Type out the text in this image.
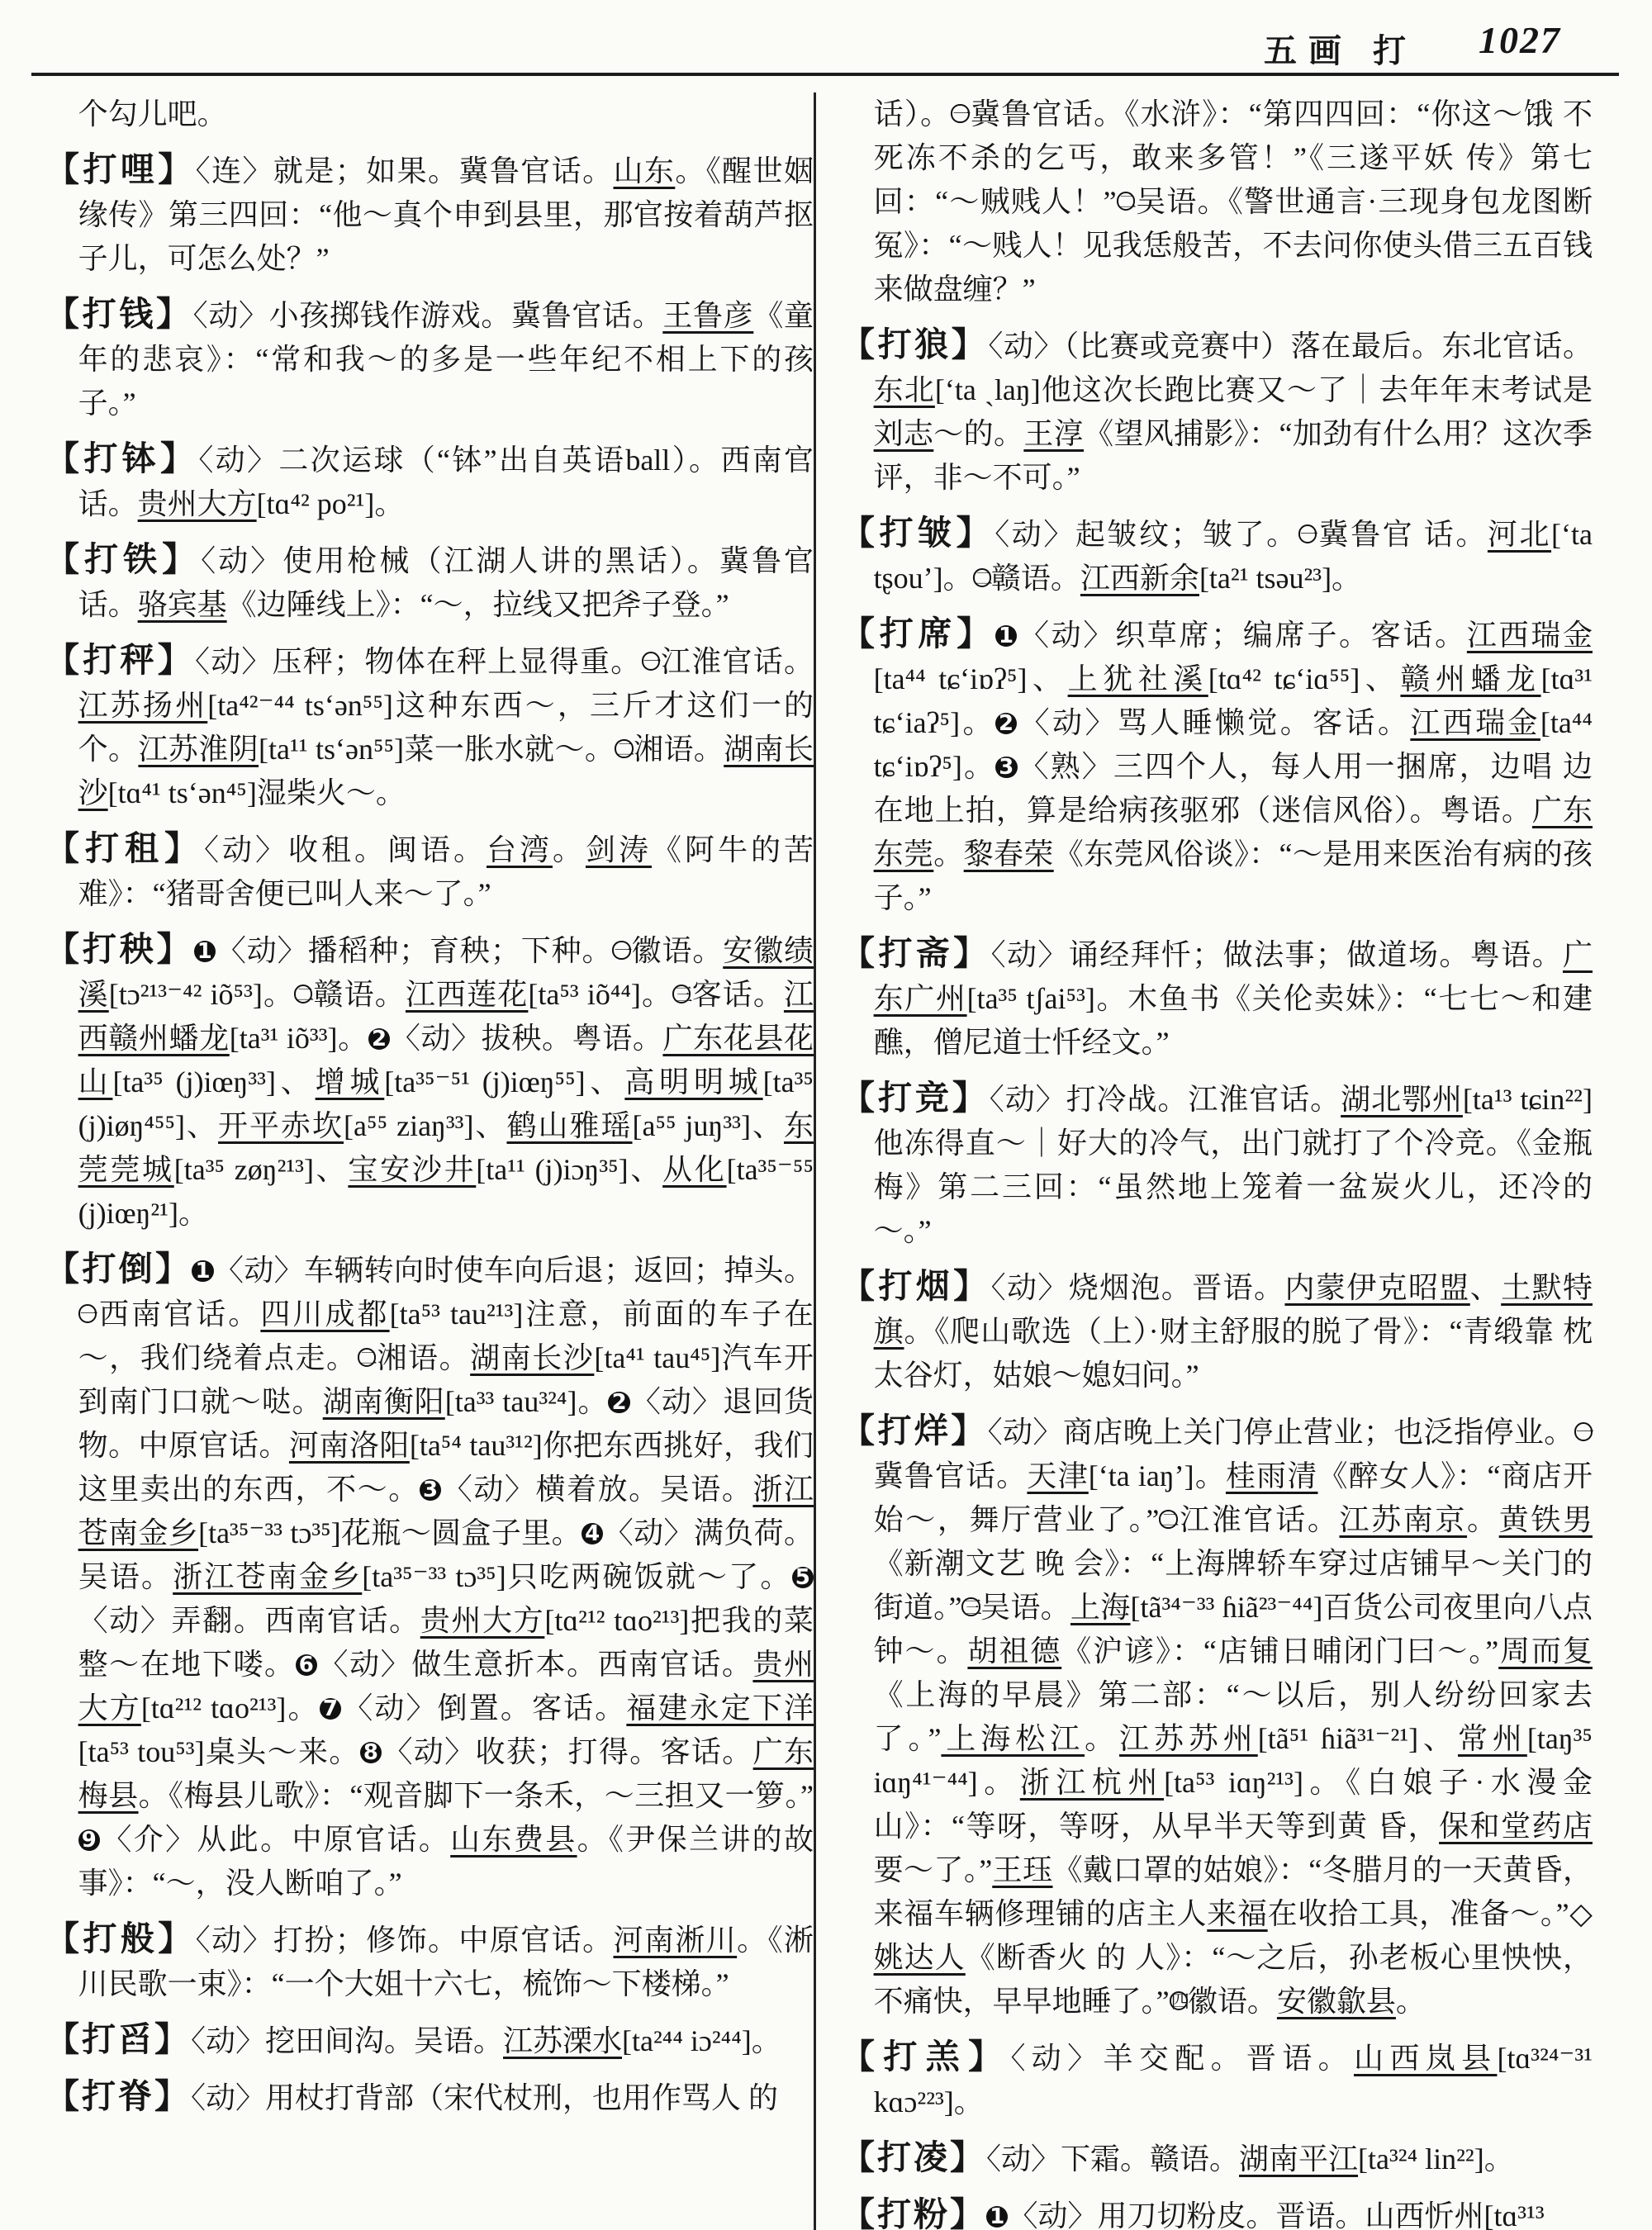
五画 打 1027

个勾儿吧。

【打哩】〈连〉就是；如果。冀鲁官话。山东。《醒世姻缘传》第三四回：“他～真个申到县里，那官按着葫芦抠子儿，可怎么处？”

【打钱】〈动〉小孩掷钱作游戏。冀鲁官话。王鲁彦《童年的悲哀》：“常和我～的多是一些年纪不相上下的孩子。”

【打钵】〈动〉二次运球（“钵”出自英语ball）。西南官话。贵州大方[tɑ⁴² po²¹]。

【打铁】〈动〉使用枪械（江湖人讲的黑话）。冀鲁官话。骆宾基《边陲线上》：“～，拉线又把斧子登。”

【打秤】〈动〉压秤；物体在秤上显得重。一江淮官话。江苏扬州[ta⁴²⁻⁴⁴ tsʻən⁵⁵]这种东西～，三斤才这们一的个。江苏淮阴[ta¹¹ tsʻən⁵⁵]菜一胀水就～。二湘语。湖南长沙[tɑ⁴¹ tsʻən⁴⁵]湿柴火～。

【打租】〈动〉收租。闽语。台湾。剑涛《阿牛的苦难》：“猪哥舍便已叫人来～了。”

【打秧】 1 〈动〉播稻种；育秧；下种。一徽语。安徽绩溪[tɔ²¹³⁻⁴² iõ⁵³]。二赣语。江西莲花[ta⁵³ iõ⁴⁴]。三客话。江西赣州蟠龙[ta³¹ iõ³³]。 2 〈动〉拔秧。粤语。广东花县花山[ta³⁵ (j)iœŋ³³]、增城[ta³⁵⁻⁵¹ (j)iœŋ⁵⁵]、高明明城[ta³⁵ (j)iøŋ⁴⁵⁵]、开平赤坎[a⁵⁵ ziaŋ³³]、鹤山雅瑶[a⁵⁵ juŋ³³]、东莞莞城[ta³⁵ zøŋ²¹³]、宝安沙井[ta¹¹ (j)iɔŋ³⁵]、从化[ta³⁵⁻⁵⁵ (j)iœŋ²¹]。

【打倒】 1 〈动〉车辆转向时使车向后退；返回；掉头。一西南官话。四川成都[ta⁵³ tau²¹³]注意，前面的车子在～，我们绕着点走。二湘语。湖南长沙[ta⁴¹ tau⁴⁵]汽车开到南门口就～哒。湖南衡阳[ta³³ tau³²⁴]。 2 〈动〉退回货物。中原官话。河南洛阳[ta⁵⁴ tau³¹²]你把东西挑好，我们这里卖出的东西，不～。 3 〈动〉横着放。吴语。浙江苍南金乡[ta³⁵⁻³³ tɔ³⁵]花瓶～圆盒子里。 4 〈动〉满负荷。吴语。浙江苍南金乡[ta³⁵⁻³³ tɔ³⁵]只吃两碗饭就～了。 5〈动〉弄翻。西南官话。贵州大方[tɑ²¹² tɑo²¹³]把我的菜整～在地下喽。 6 〈动〉做生意折本。西南官话。贵州大方[tɑ²¹² tɑo²¹³]。 7 〈动〉倒置。客话。福建永定下洋[ta⁵³ tou⁵³]桌头～来。 8 〈动〉收获；打得。客话。广东梅县。《梅县儿歌》：“观音脚下一条禾，～三担又一箩。”9 〈介〉从此。中原官话。山东费县。《尹保兰讲的故事》：“～，没人断咱了。”

【打般】〈动〉打扮；修饰。中原官话。河南淅川。《淅川民歌一束》：“一个大姐十六七，梳饰～下楼梯。”

【打舀】〈动〉挖田间沟。吴语。江苏溧水[ta²⁴⁴ iɔ²⁴⁴]。

【打脊】〈动〉用杖打背部（宋代杖刑，也用作骂人 的

话）。一冀鲁官话。《水浒》：“第四四回：“你这～饿 不死冻不杀的乞丐，敢来多管！”《三遂平妖 传》第七 回：“～贼贱人！”二吴语。《警世通言·三现身包龙图断冤》：“～贱人！见我恁般苦，不去问你使头借三五百钱来做盘缠？”

【打狼】〈动〉（比赛或竞赛中）落在最后。东北官话。东北[ʻta ˏlaŋ]他这次长跑比赛又～了｜去年年末考试是刘志～的。王淳《望风捕影》：“加劲有什么用？这次季评，非～不可。”

【打皱】〈动〉起皱纹；皱了。一冀鲁官 话。河北[ʻta tʂouʼ]。二赣语。江西新余[ta²¹ tsəu²³]。

【打席】 1 〈动〉织草席；编席子。客话。江西瑞金[ta⁴⁴ tɕʻiɒʔ⁵]、上犹社溪[tɑ⁴² tɕʻiɑ⁵⁵]、赣州蟠龙[tɑ³¹ tɕʻiaʔ⁵]。 2 〈动〉骂人睡懒觉。客话。江西瑞金[ta⁴⁴ tɕʻiɒʔ⁵]。 3 〈熟〉三四个人，每人用一捆席，边唱 边 在地上拍，算是给病孩驱邪（迷信风俗）。粤语。广东东莞。黎春荣《东莞风俗谈》：“～是用来医治有病的孩子。”

【打斋】〈动〉诵经拜忏；做法事；做道场。粤语。广东广州[ta³⁵ tʃai⁵³]。木鱼书《关伦卖妹》：“七七～和建醮，僧尼道士忏经文。”

【打竞】〈动〉打冷战。江淮官话。湖北鄂州[ta¹³ tɕin²²]他冻得直～｜好大的冷气，出门就打了个冷竞。《金瓶梅》第二三回：“虽然地上笼着一盆炭火儿，还冷的～。”

【打烟】〈动〉烧烟泡。晋语。内蒙伊克昭盟、土默特旗。《爬山歌选（上）·财主舒服的脱了骨》：“青缎靠 枕 太谷灯，姑娘～媳妇问。”

【打烊】〈动〉商店晚上关门停止营业；也泛指停业。一冀鲁官话。天津[ʻta iaŋʼ]。桂雨清《醉女人》：“商店开始～，舞厅营业了。”二江淮官话。江苏南京。黄铁男《新潮文艺 晚 会》：“上海牌轿车穿过店铺早～关门的街道。”三吴语。上海[tã³⁴⁻³³ ɦiã²³⁻⁴⁴]百货公司夜里向八点钟～。胡祖德《沪谚》：“店铺日晡闭门曰～。”周而复《上海的早晨》第二部：“～以后，别人纷纷回家去了。”上海松江。江苏苏州[tã⁵¹ ɦiã³¹⁻²¹]、常州[taŋ³⁵ iɑŋ⁴¹⁻⁴⁴]。浙江杭州[ta⁵³ iɑŋ²¹³]。《白娘子·水漫金山》：“等呀，等呀，从早半天等到黄 昏，保和堂药店要～了。”王珏《戴口罩的姑娘》：“冬腊月的一天黄昏，来福车辆修理铺的店主人来福在收拾工具，准备～。”◇姚达人《断香火 的 人》：“～之后，孙老板心里怏怏，不痛快，早早地睡了。”四徽语。安徽歙县。

【打羔】〈动〉羊交配。晋语。山西岚县[tɑ³²⁴⁻³¹ kɑɔ²²³]。

【打凌】〈动〉下霜。赣语。湖南平江[ta³²⁴ lin²²]。

【打粉】 1 〈动〉用刀切粉皮。晋语。山西忻州[tɑ³¹³
